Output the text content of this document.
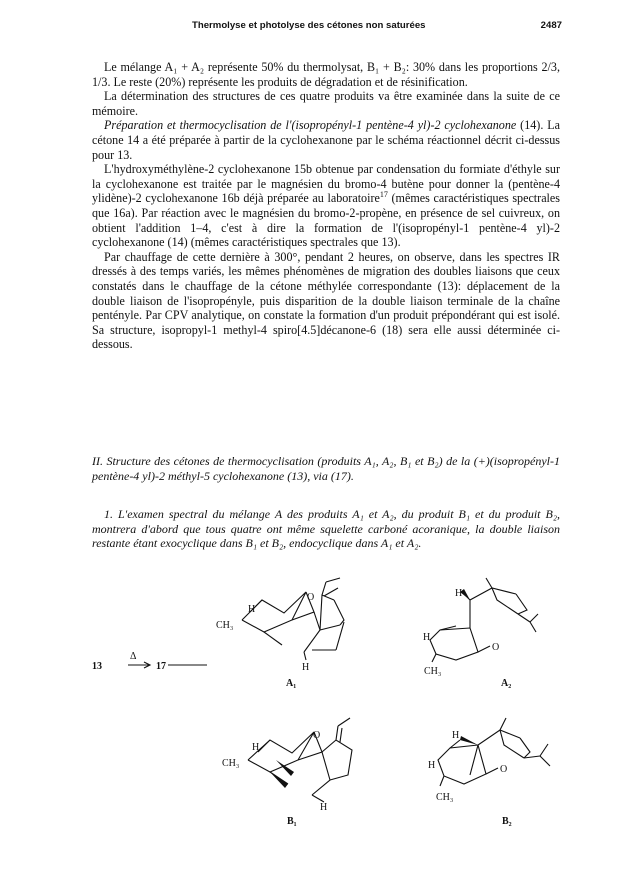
Thermolyse et photolyse des cétones non saturées	2487

Le mélange A₁ + A₂ représente 50% du thermolysat, B₁ + B₂: 30% dans les proportions 2/3, 1/3. Le reste (20%) représente les produits de dégradation et de résinification.

La détermination des structures de ces quatre produits va être examinée dans la suite de ce mémoire.

Préparation et thermocyclisation de l'(isopropényl-1 pentène-4 yl)-2 cyclohexanone (14). La cétone 14 a été préparée à partir de la cyclohexanone par le schéma réactionnel décrit ci-dessus pour 13.

L'hydroxyméthylène-2 cyclohexanone 15b obtenue par condensation du formiate d'éthyle sur la cyclohexanone est traitée par le magnésien du bromo-4 butène pour donner la (pentène-4 ylidène)-2 cyclohexanone 16b déjà préparée au laboratoire$^{17}$ (mêmes caractéristiques spectrales que 16a). Par réaction avec le magnésien du bromo-2-propène, en présence de sel cuivreux, on obtient l'addition 1–4, c'est à dire la formation de l'(isopropényl-1 pentène-4 yl)-2 cyclohexanone (14) (mêmes caractéristiques spectrales que 13).

Par chauffage de cette dernière à 300°, pendant 2 heures, on observe, dans les spectres IR dressés à des temps variés, les mêmes phénomènes de migration des doubles liaisons que ceux constatés dans le chauffage de la cétone méthylée correspondante (13): déplacement de la double liaison de l'isopropényle, puis disparition de la double liaison terminale de la chaîne pentényle. Par CPV analytique, on constate la formation d'un produit prépondérant qui est isolé. Sa structure, isopropyl-1 methyl-4 spiro[4.5]décanone-6 (18) sera elle aussi déterminée ci-dessous.

II. Structure des cétones de thermocyclisation (produits A₁, A₂, B₁ et B₂) de la (+)(isopropényl-1 pentène-4 yl)-2 méthyl-5 cyclohexanone (13), via (17).
1. L'examen spectral du mélange A des produits A₁ et A₂, du produit B₁ et du produit B₂, montrera d'abord que tous quatre ont même squelette carboné acoranique, la double liaison restante étant exocyclique dans B₁ et B₂, endocyclique dans A₁ et A₂.
13
Δ
17
H
CH₃
O
H
A₁
H
H
O
CH₃
A₂
H
CH₃
O
H
B₁
H
H	O
CH₃
B₂
